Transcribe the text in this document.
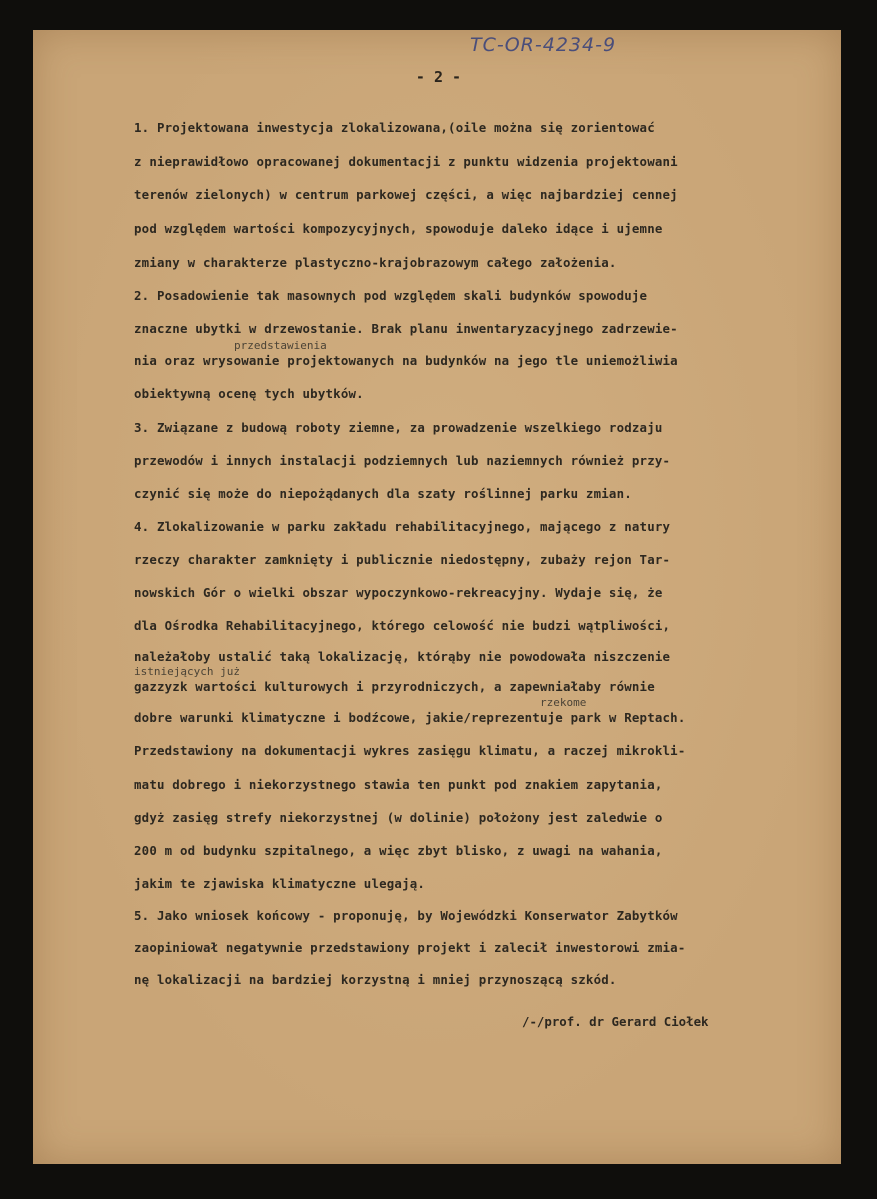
TC-OR-4234-9
- 2 -
1. Projektowana inwestycja zlokalizowana,(oile można się zorientować
z nieprawidłowo opracowanej dokumentacji z punktu widzenia projektowani
terenów zielonych) w centrum parkowej części, a więc najbardziej cennej
pod względem wartości kompozycyjnych, spowoduje daleko idące i ujemne
zmiany w charakterze plastyczno-krajobrazowym całego założenia.
2. Posadowienie tak masownych pod względem skali budynków spowoduje
znaczne ubytki w drzewostanie. Brak planu inwentaryzacyjnego zadrzewie-
przedstawienia
nia oraz wrysowanie projektowanych na budynków na jego tle uniemożliwia
obiektywną ocenę tych ubytków.
3. Związane z budową roboty ziemne, za prowadzenie wszelkiego rodzaju
przewodów i innych instalacji podziemnych lub naziemnych również przy-
czynić się może do niepożądanych dla szaty roślinnej parku zmian.
4. Zlokalizowanie w parku zakładu rehabilitacyjnego, mającego z natury
rzeczy charakter zamknięty i publicznie niedostępny, zubaży rejon Tar-
nowskich Gór o wielki obszar wypoczynkowo-rekreacyjny. Wydaje się, że
dla Ośrodka Rehabilitacyjnego, którego celowość nie budzi wątpliwości,
należałoby ustalić taką lokalizację, którąby nie powodowała niszczenie
istniejących już
gazzyzk wartości kulturowych i przyrodniczych, a zapewniałaby równie
rzekome
dobre warunki klimatyczne i bodźcowe, jakie/reprezentuje park w Reptach.
Przedstawiony na dokumentacji wykres zasięgu klimatu, a raczej mikrokli-
matu dobrego i niekorzystnego stawia ten punkt pod znakiem zapytania,
gdyż zasięg strefy niekorzystnej (w dolinie) położony jest zaledwie o
200 m od budynku szpitalnego, a więc zbyt blisko, z uwagi na wahania,
jakim te zjawiska klimatyczne ulegają.
5. Jako wniosek końcowy - proponuję, by Wojewódzki Konserwator Zabytków
zaopiniował negatywnie przedstawiony projekt i zalecił inwestorowi zmia-
nę lokalizacji na bardziej korzystną i mniej przynoszącą szkód.
/-/prof. dr Gerard Ciołek
